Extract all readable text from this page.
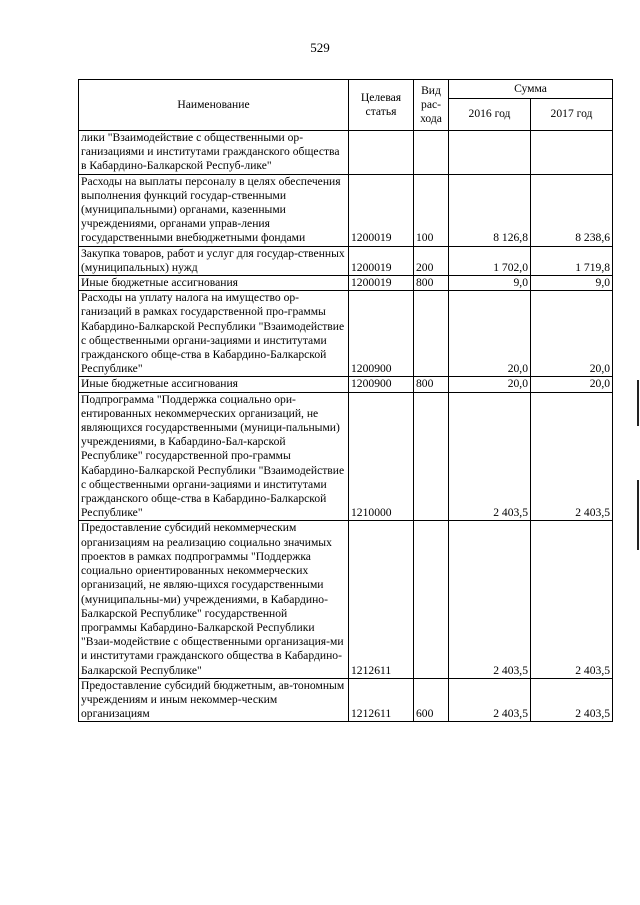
529
Наименование	Целевая статья	Вид рас-хода	Сумма	
			2016 год	2017 год
лики "Взаимодействие с общественными ор-ганизациями и институтами гражданского общества в Кабардино-Балкарской Респуб-лике"				
Расходы на выплаты персоналу в целях обеспечения выполнения функций государ-ственными (муниципальными) органами, казенными учреждениями, органами управ-ления государственными внебюджетными фондами	1200019	100	8 126,8	8 238,6
Закупка товаров, работ и услуг для государ-ственных (муниципальных) нужд	1200019	200	1 702,0	1 719,8
Иные бюджетные ассигнования	1200019	800	9,0	9,0
Расходы на уплату налога на имущество ор-ганизаций в рамках государственной про-граммы Кабардино-Балкарской Республики "Взаимодействие с общественными органи-зациями и институтами гражданского обще-ства в Кабардино-Балкарской Республике"	1200900		20,0	20,0
Иные бюджетные ассигнования	1200900	800	20,0	20,0
Подпрограмма "Поддержка социально ори-ентированных некоммерческих организаций, не являющихся государственными (муници-пальными) учреждениями, в Кабардино-Бал-карской Республике" государственной про-граммы Кабардино-Балкарской Республики "Взаимодействие с общественными органи-зациями и институтами гражданского обще-ства в Кабардино-Балкарской Республике"	1210000		2 403,5	2 403,5
Предоставление субсидий некоммерческим организациям на реализацию социально значимых проектов в рамках подпрограммы "Поддержка социально ориентированных некоммерческих организаций, не являю-щихся государственными (муниципальны-ми) учреждениями, в Кабардино-Балкарской Республике" государственной программы Кабардино-Балкарской Республики "Взаи-модействие с общественными организация-ми и институтами гражданского общества в Кабардино-Балкарской Республике"	1212611		2 403,5	2 403,5
Предоставление субсидий бюджетным, ав-тономным учреждениям и иным некоммер-ческим организациям	1212611	600	2 403,5	2 403,5
